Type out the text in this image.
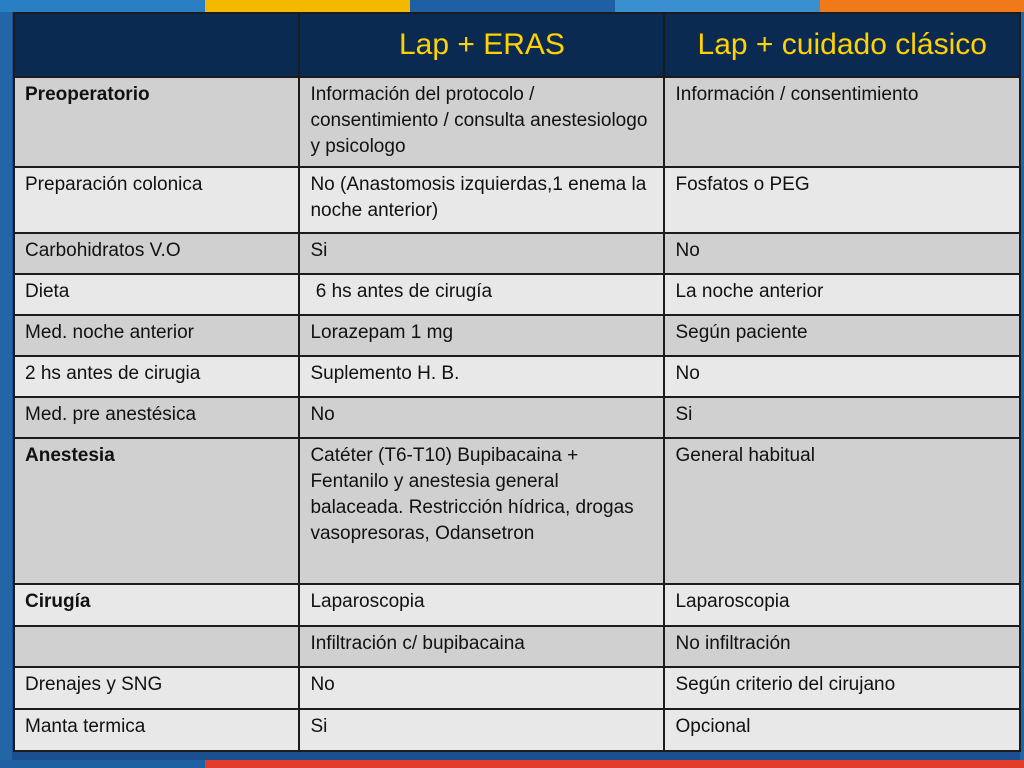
	Lap + ERAS	Lap + cuidado clásico
Preoperatorio	Información del protocolo / consentimiento / consulta anestesiologo y psicologo	Información / consentimiento
Preparación colonica	No (Anastomosis izquierdas,1 enema la noche anterior)	Fosfatos o PEG
Carbohidratos V.O	Si	No
Dieta	6 hs antes de cirugía	La noche anterior
Med. noche anterior	Lorazepam 1 mg	Según paciente
2 hs antes de cirugia	Suplemento H. B.	No
Med. pre anestésica	No	Si
Anestesia	Catéter (T6-T10) Bupibacaina + Fentanilo y anestesia general balaceada. Restricción hídrica, drogas vasopresoras, Odansetron	General habitual
Cirugía	Laparoscopia	Laparoscopia
	Infiltración c/ bupibacaina	No infiltración
Drenajes y SNG	No	Según criterio del cirujano
Manta termica	Si	Opcional
